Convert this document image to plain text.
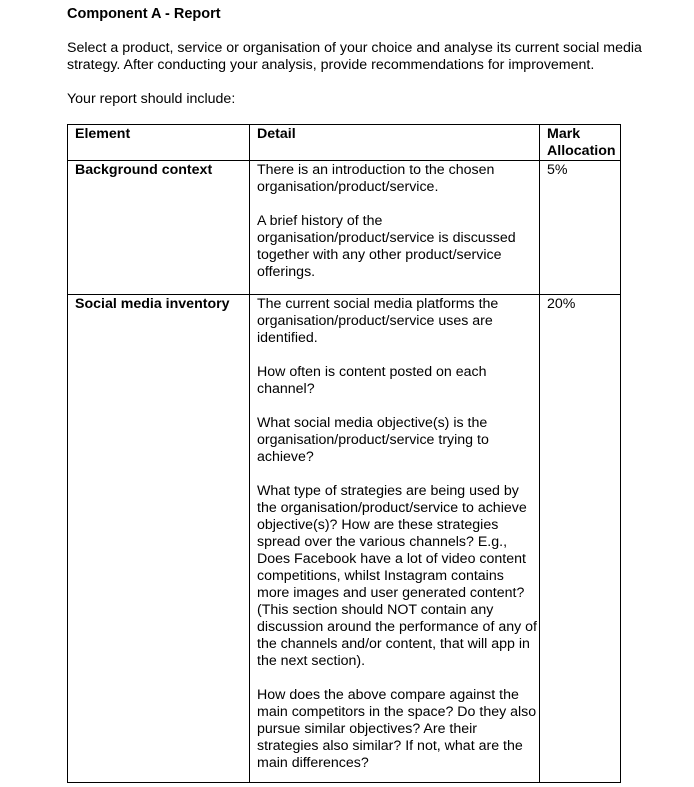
Component A - Report
Select a product, service or organisation of your choice and analyse its current social media strategy. After conducting your analysis, provide recommendations for improvement.
Your report should include:
Element	Detail	Mark
Allocation

Background context	There is an introduction to the chosen organisation/product/service.
A brief history of the organisation/product/service is discussed together with any other product/service offerings.	5%
Social media inventory	The current social media platforms the organisation/product/service uses are identified.
How often is content posted on each channel?
What social media objective(s) is the organisation/product/service trying to achieve?
What type of strategies are being used by the organisation/product/service to achieve objective(s)? How are these strategies spread over the various channels? E.g., Does Facebook have a lot of video content competitions, whilst Instagram contains more images and user generated content? (This section should NOT contain any discussion around the performance of any of the channels and/or content, that will app in the next section).
How does the above compare against the main competitors in the space? Do they also pursue similar objectives? Are their strategies also similar? If not, what are the main differences?	20%
